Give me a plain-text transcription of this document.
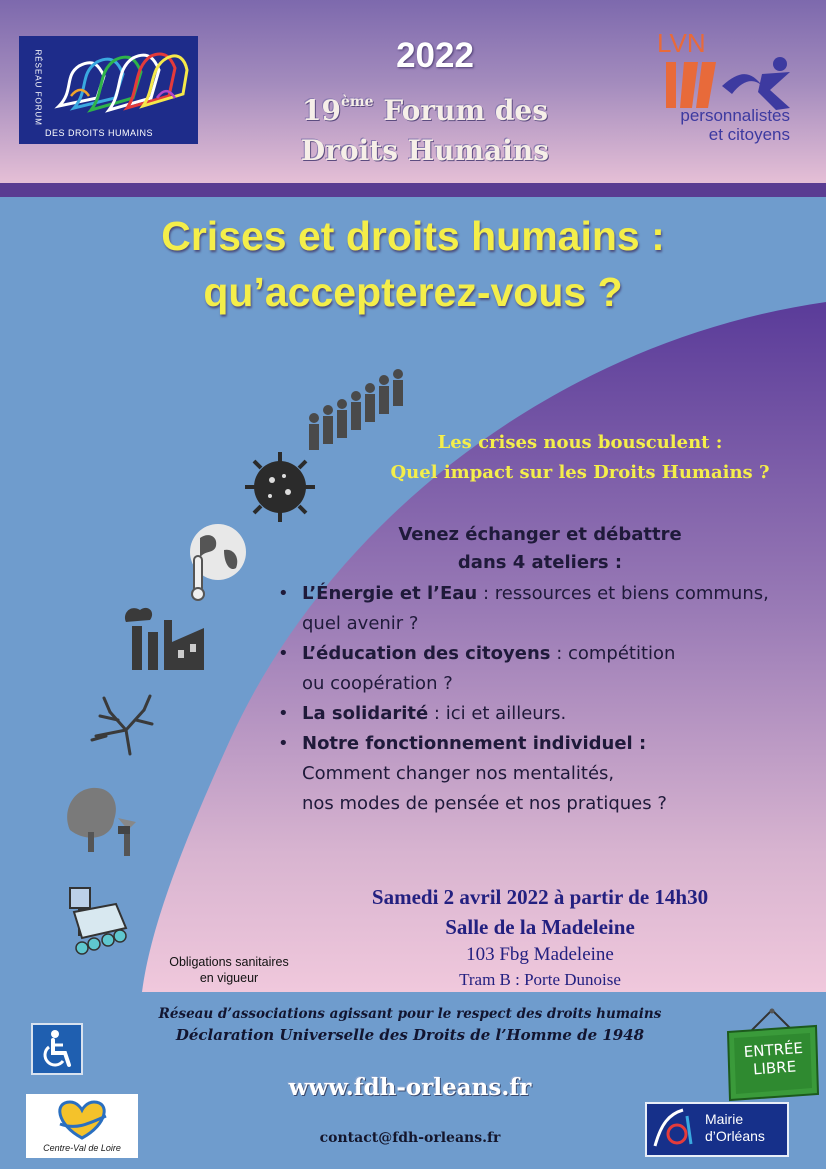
RÉSEAU FORUM
DES DROITS HUMAINS
2022
19ème Forum des
Droits Humains
LVN
personnalistes
et citoyens
Crises et droits humains :
qu’accepterez-vous ?
Les crises nous bousculent :
Quel impact sur les Droits Humains ?
Venez échanger et débattre
dans 4 ateliers :
• L’Énergie et l’Eau : ressources et biens communs,
quel avenir ?
• L’éducation des citoyens : compétition
ou coopération ?
• La solidarité : ici et ailleurs.
• Notre fonctionnement individuel :
Comment changer nos mentalités,
nos modes de pensée et nos pratiques ?
Samedi 2 avril 2022 à partir de 14h30
Salle de la Madeleine
103 Fbg Madeleine
Tram B : Porte Dunoise
Obligations sanitaires
en vigueur
Réseau d’associations agissant pour le respect des droits humains
Déclaration Universelle des Droits de l’Homme de 1948
www.fdh-orleans.fr
contact@fdh-orleans.fr
Centre-Val de Loire
ENTRÉE
LIBRE
Mairie
d’Orléans
